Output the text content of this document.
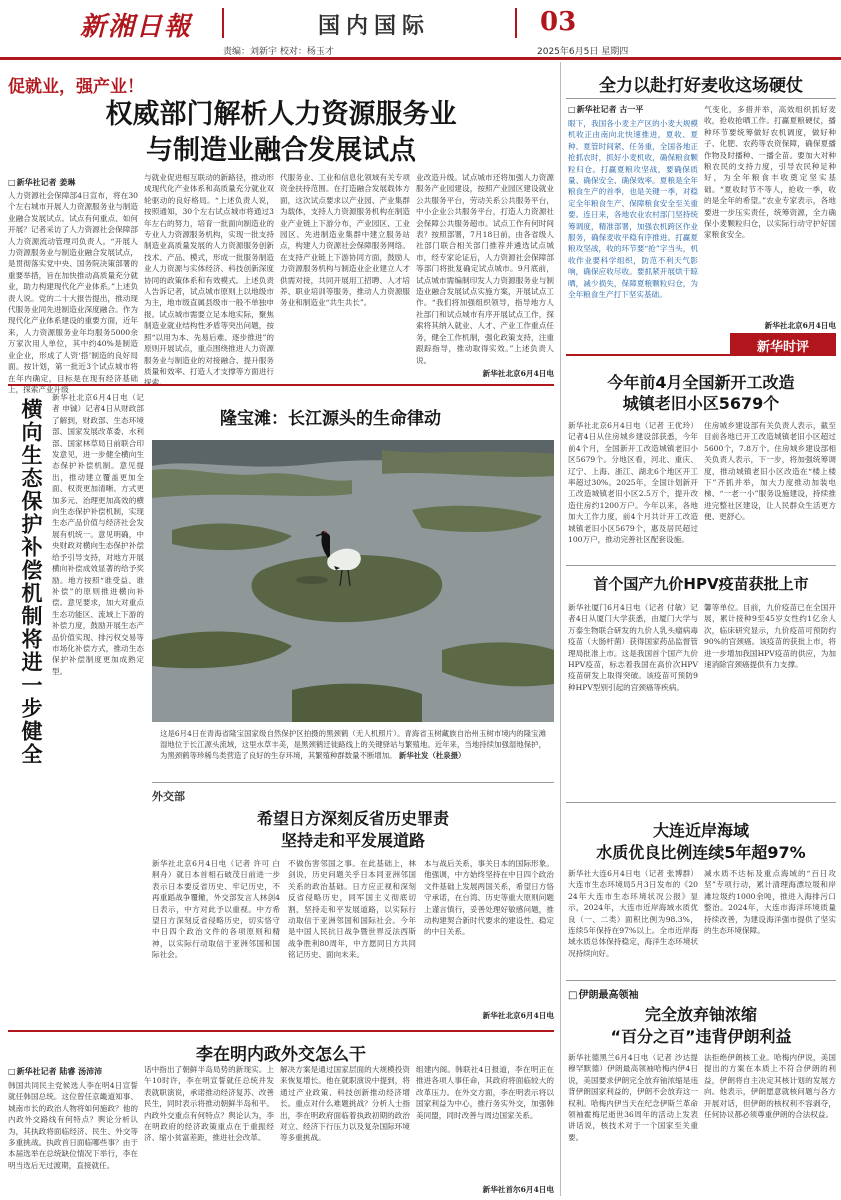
新湘日報	国内国际	03
责编：刘新宇 校对：杨玉才	2025年6月5日 星期四
促就业，强产业！
权威部门解析人力资源服务业
与制造业融合发展试点
□ 新华社记者 姜琳
人力资源社会保障部4日宣布，将在30个左右城市开展人力资源服务业与制造业融合发展试点。试点有何重点、如何开展？记者采访了人力资源社会保障部人力资源流动管理司负责人。“开展人力资源服务业与制造业融合发展试点，是贯彻落实党中央、国务院决策部署的重要举措，旨在加快推动高质量充分就业，助力构建现代化产业体系。”上述负责人说。党的二十大报告提出，推动现代服务业同先进制造业深度融合。作为现代化产业体系建设的重要方面，近年来，人力资源服务业年均服务5000余万家次用人单位，其中约40%是制造业企业，形成了人资‘搭’制造的良好局面。按计划，第一批近3个试点城市将在年内确定，目标是在现有经济基础上，探索产业升级
与就业促进相互联动的新路径，推动形成现代化产业体系和高质量充分就业双轮驱动的良好格局。“上述负责人说，按照通知，30个左右试点城市将通过3年左右的努力，培育一批面向制造业的专业人力资源服务机构，实现一批支持制造业高质量发展的人力资源服务创新技术、产品、模式，形成一批服务制造业人力资源与实体经济、科技创新深度协同的政策体系和有效模式。上述负责人告诉记者，试点城市原则上以地级市为主，地市级直属县级市一般不单独申报。试点城市需要立足本地实际，聚焦制造业就业结构性矛盾等突出问题，按照“以用为本、先易后难、逐步推进”的原则开展试点，重点围绕推进人力资源服务业与制造业的对接融合、提升服务质量和效率、打造人才支撑等方面进行探索。
代服务业、工业和信息化领域有关专项资金扶持范围。在打造融合发展载体方面，这次试点要求以产业园、产业集群为载体，支持人力资源服务机构在制造业产业链上下游分布，产业园区、工业园区、先进制造业集群中建立服务站点，构建人力资源社会保障服务网络。在支持产业链上下游协同方面，鼓励人力资源服务机构与制造业企业建立人才供需对接，共同开展用工招聘、人才培养、职业培训等服务，推动人力资源服务业和制造业“共生共长”。
业改造升级。试点城市还将加强人力资源服务产业园建设，按照产业园区建设就业公共服务平台，劳动关系公共服务平台，中小企业公共服务平台，打造人力资源社会保障公共服务超市。试点工作有何时间表？按照部署，7月18日前，由各省级人社部门联合相关部门推荐并遴选试点城市，经专家论证后，人力资源社会保障部等部门将批复确定试点城市。9月底前，试点城市需编制印发人力资源服务业与制造业融合发展试点实施方案，开展试点工作。“我们将加强组织领导，指导地方人社部门和试点城市有序开展试点工作，探索将其纳入就业、人才、产业工作重点任务，健全工作机制，强化政策支持，注重跟踪指导，推动取得实效。”上述负责人说。
新华社北京6月4日电
全力以赴打好麦收这场硬仗
□ 新华社记者 古一平
眼下，我国各小麦主产区的小麦大规模机收正由南向北快速推进，夏收、夏种、夏管时间紧、任务重，全国各地正抢抓农时，抓好小麦机收，确保粮食颗粒归仓。打赢夏粮攻坚战，要确保质量、确保安全、确保效率。夏粮是全年粮食生产的首季，也是关键一季，对稳定全年粮食生产、保障粮食安全至关重要。连日来，各地农业农村部门坚持统筹调度，精准部署，加强农机跨区作业服务，确保麦收平稳有序推进。打赢夏粮攻坚战，收的环节要“抢”字当头，机收作业要科学组织，防范不利天气影响，确保应收尽收。要抓紧开展烘干晾晒，减少损失，保障夏粮颗粒归仓，为全年粮食生产打下坚实基础。
气变化，多措并举，高效组织抓好麦收，抢收抢晒工作。打赢夏粮硬仗，播种环节要统筹做好农机调度，做好种子、化肥、农药等农资保障，确保夏播作物及时播种、一播全苗。要加大对种粮农民的支持力度，引导农民种足种好，为全年粮食丰收奠定坚实基础。“夏收时节不等人，抢收一季，收的是全年的希望。”农业专家表示，各地要进一步压实责任，统筹资源，全力确保小麦颗粒归仓，以实际行动守护好国家粮食安全。
新华社北京6月4日电
新华时评
今年前4月全国新开工改造
城镇老旧小区5679个
新华社北京6月4日电（记者 王优玲）记者4日从住房城乡建设部获悉，今年前4个月，全国新开工改造城镇老旧小区5679个。分地区看，河北、重庆、辽宁、上海、浙江、湖北6个地区开工率超过30%。2025年，全国计划新开工改造城镇老旧小区2.5万个，提升改造住房约1200万户。今年以来，各地加大工作力度，前4个月共计开工改造城镇老旧小区5679个，惠及居民超过100万户，推动完善社区配套设施。
住房城乡建设部有关负责人表示，截至目前各地已开工改造城镇老旧小区超过5600个，7.8万个。住房城乡建设部相关负责人表示，下一步，将加强统筹调度，推动城镇老旧小区改造在“楼上楼下”齐抓并举，加大力度推动加装电梯、“一老一小”服务设施建设，持续推进完整社区建设，让人民群众生活更方便、更舒心。
首个国产九价HPV疫苗获批上市
新华社厦门6月4日电（记者 付敏）记者4日从厦门大学获悉，由厦门大学与万泰生物联合研发的九价人乳头瘤病毒疫苗（大肠杆菌）获得国家药品监督管理局批准上市。这是我国首个国产九价HPV疫苗，标志着我国在高价次HPV疫苗研发上取得突破。该疫苗可预防9种HPV型别引起的宫颈癌等疾病。
馨等单位。目前，九价疫苗已在全国开展，累计接种9至45岁女性约1亿余人次，临床研究显示，九价疫苗可预防约90%的宫颈癌。该疫苗的获批上市，将进一步增加我国HPV疫苗的供应，为加速消除宫颈癌提供有力支撑。
大连近岸海域
水质优良比例连续5年超97%
新华社大连6月4日电（记者 张博群）大连市生态环境局5月3日发布的《2024年大连市生态环境状况公报》显示，2024年，大连市近岸海域水质优良（一、二类）面积比例为98.3%，连续5年保持在97%以上。全市近岸海域水质总体保持稳定，海洋生态环境状况持续向好。
减水质不达标及重点海域的“百日攻坚”专项行动，累计清理海漂垃圾和岸滩垃圾约1000余吨，推进入海排污口整治。2024年，大连市海洋环境质量持续改善，为建设海洋强市提供了坚实的生态环境保障。
□ 伊朗最高领袖
完全放弃铀浓缩
“百分之百”违背伊朗利益
新华社德黑兰6月4日电（记者 沙达提 穆罕默德）伊朗最高领袖哈梅内伊4日说，美国要求伊朗完全放弃铀浓缩是违背伊朗国家利益的，伊朗不会放弃这一权利。哈梅内伊当天在纪念伊斯兰革命领袖霍梅尼逝世36周年的活动上发表讲话说，核技术对于一个国家至关重要。
法拒绝伊朗核工业。哈梅内伊说，美国提出的方案在本质上不符合伊朗的利益，伊朗将自主决定其核计划的发展方向。他表示，伊朗愿意就核问题与各方开展对话，但伊朗的核权利不容剥夺，任何协议都必须尊重伊朗的合法权益。
横向生态保护补偿机制将进一步健全
新华社北京6月4日电（记者 申铖）记者4日从财政部了解到，财政部、生态环境部、国家发展改革委、水利部、国家林草局日前联合印发意见，进一步健全横向生态保护补偿机制。意见提出，推动建立覆盖更加全面、权责更加清晰、方式更加多元、治理更加高效的横向生态保护补偿机制，实现生态产品价值与经济社会发展有机统一。意见明确，中央财政对横向生态保护补偿给予引导支持，对地方开展横向补偿成效显著的给予奖励。地方按照“谁受益、谁补偿”的原则推进横向补偿。意见要求，加大对重点生态功能区、流域上下游的补偿力度，鼓励开展生态产品价值实现、排污权交易等市场化补偿方式，推动生态保护补偿制度更加成熟定型。
隆宝滩：长江源头的生命律动
这是6月4日在青海省隆宝国家级自然保护区拍摄的黑颈鹤（无人机照片）。青海省玉树藏族自治州玉树市境内的隆宝滩湿地位于长江源头流域，这里水草丰美，是黑颈鹤迁徙路线上的关键驿站与繁殖地。近年来，当地持续加强湿地保护，为黑颈鹤等珍稀鸟类营造了良好的生存环境，其繁殖种群数量不断增加。 新华社发（杜泉摄）
外交部
希望日方深刻反省历史罪责
坚持走和平发展道路
新华社北京6月4日电（记者 许可 白舸舟）就日本首相石破茂日前进一步表示日本要反省历史、牢记历史，不再重蹈战争覆辙，外交部发言人林剑4日表示，中方对此予以重视。中方希望日方深刻反省侵略历史，切实恪守中日四个政治文件的各项原则和精神，以实际行动取信于亚洲邻国和国际社会。
不做伤害邻国之事。在此基础上，林剑说，历史问题关乎日本同亚洲邻国关系的政治基础。日方应正视和深刻反省侵略历史，同军国主义彻底切割，坚持走和平发展道路，以实际行动取信于亚洲邻国和国际社会。今年是中国人民抗日战争暨世界反法西斯战争胜利80周年，中方愿同日方共同铭记历史、面向未来。
本与战后关系，事关日本的国际形象。他强调，中方始终坚持在中日四个政治文件基础上发展两国关系，希望日方恪守承诺，在台湾、历史等重大原则问题上谨言慎行，妥善处理好敏感问题，推动构建契合新时代要求的建设性、稳定的中日关系。
新华社北京6月4日电
李在明内政外交怎么干
□ 新华社记者 陆睿 汤沛沛
韩国共同民主党候选人李在明4日宣誓就任韩国总统。这位曾任京畿道知事、城南市长的政治人物将如何施政？他的内政外交路线有何特点？舆论分析认为，其执政将面临经济、民生、外交等多重挑战。执政首日面临哪些事？由于本届选举在总统缺位情况下举行，李在明当选后无过渡期，直接就任。
话中指出了朝鲜半岛局势的新现实。上午10时许，李在明宣誓就任总统并发表就职演说，承诺推动经济复苏、改善民生，同时表示将推动朝鲜半岛和平。内政外交重点有何特点？舆论认为，李在明政府的经济政策重点在于重振经济、缩小贫富差距，推进社会改革。
解决方案是通过国家层面的大规模投资来恢复增长。他在就职演说中提到，将通过产业政策、科技创新推动经济增长。重点对什么难题挑战？分析人士指出，李在明政府面临着执政初期的政治对立、经济下行压力以及复杂国际环境等多重挑战。
组建内阁。韩联社4日报道，李在明正在推进各项人事任命，其政府将面临较大的改革压力。在外交方面，李在明表示将以国家利益为中心，推行务实外交，加强韩美同盟，同时改善与周边国家关系。
新华社首尔6月4日电
